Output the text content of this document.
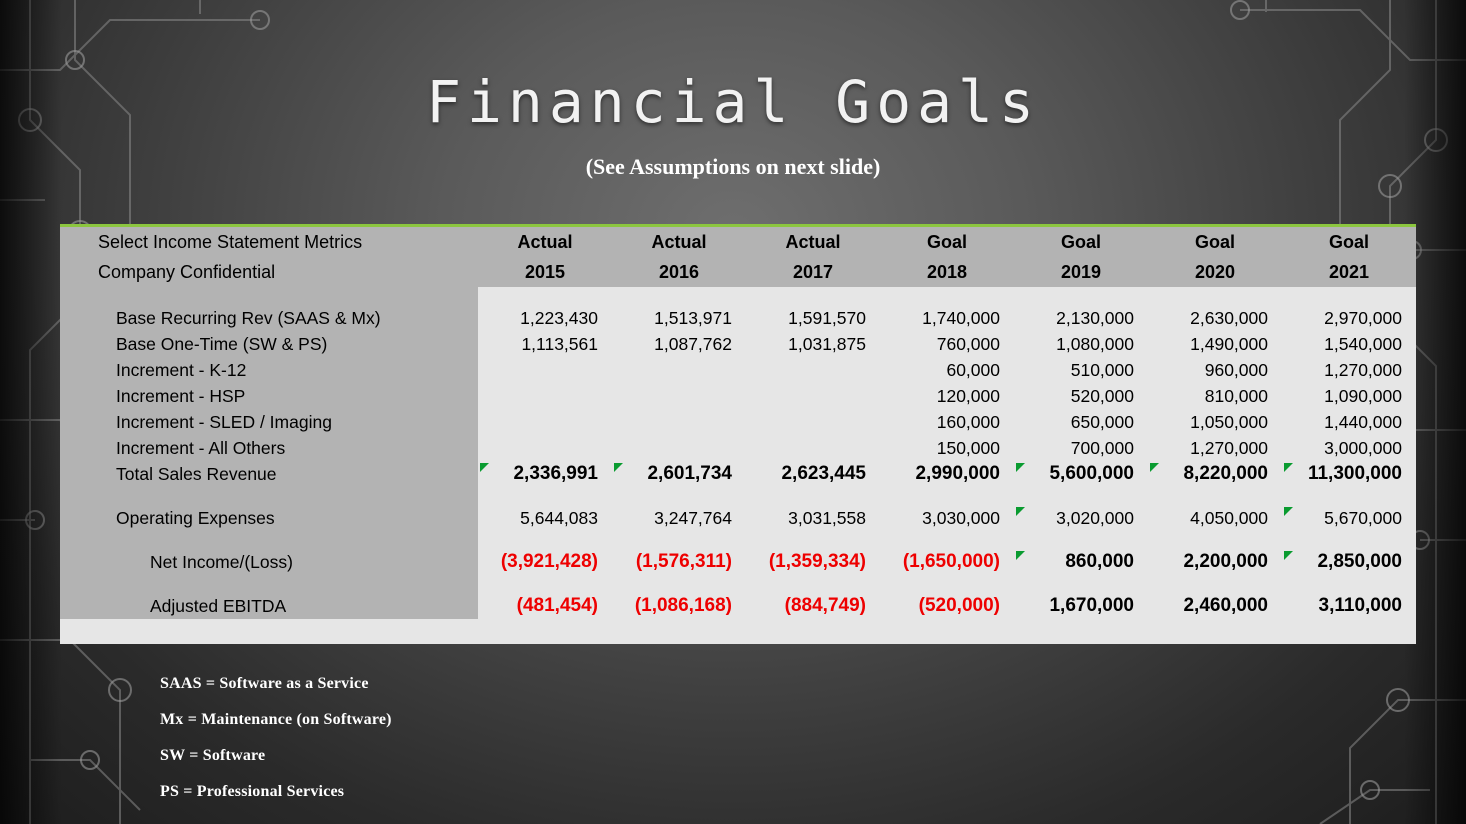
Financial Goals
(See Assumptions on next slide)
	Select Income Statement Metrics	Actual	Actual	Actual	Goal	Goal	Goal	Goal
	Company Confidential	2015	2016	2017	2018	2019	2020	2021

	Base Recurring Rev (SAAS & Mx)	1,223,430	1,513,971	1,591,570	1,740,000	2,130,000	2,630,000	2,970,000
	Base One-Time (SW & PS)	1,113,561	1,087,762	1,031,875	760,000	1,080,000	1,490,000	1,540,000
	Increment - K-12				60,000	510,000	960,000	1,270,000
	Increment - HSP				120,000	520,000	810,000	1,090,000
	Increment - SLED / Imaging				160,000	650,000	1,050,000	1,440,000
	Increment - All Others				150,000	700,000	1,270,000	3,000,000
	Total Sales Revenue	2,336,991	2,601,734	2,623,445	2,990,000	5,600,000	8,220,000	11,300,000

	Operating Expenses	5,644,083	3,247,764	3,031,558	3,030,000	3,020,000	4,050,000	5,670,000

	Net Income/(Loss)	(3,921,428)	(1,576,311)	(1,359,334)	(1,650,000)	860,000	2,200,000	2,850,000

	Adjusted EBITDA	(481,454)	(1,086,168)	(884,749)	(520,000)	1,670,000	2,460,000	3,110,000
SAAS = Software as a Service
Mx = Maintenance (on Software)
SW = Software
PS = Professional Services
